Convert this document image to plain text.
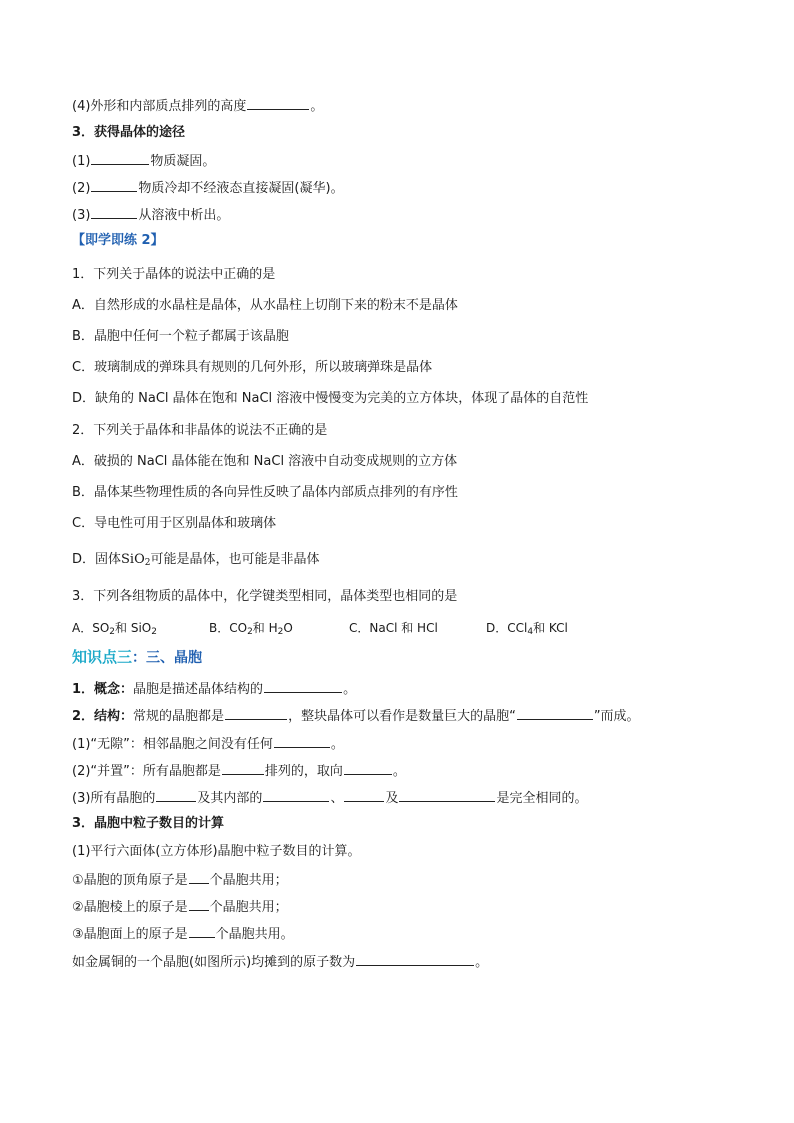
(4)外形和内部质点排列的高度	。
3．获得晶体的途径
(1)	物质凝固。
(2)	物质冷却不经液态直接凝固(凝华)。
(3)	从溶液中析出。
【即学即练 2】
1．下列关于晶体的说法中正确的是
A．自然形成的水晶柱是晶体，从水晶柱上切削下来的粉末不是晶体
B．晶胞中任何一个粒子都属于该晶胞
C．玻璃制成的弹珠具有规则的几何外形，所以玻璃弹珠是晶体
D．缺角的 NaCl 晶体在饱和 NaCl 溶液中慢慢变为完美的立方体块，体现了晶体的自范性
2．下列关于晶体和非晶体的说法不正确的是
A．破损的 NaCl 晶体能在饱和 NaCl 溶液中自动变成规则的立方体
B．晶体某些物理性质的各向异性反映了晶体内部质点排列的有序性
C．导电性可用于区别晶体和玻璃体
D．固体SiO$_2$可能是晶体，也可能是非晶体
3．下列各组物质的晶体中，化学键类型相同，晶体类型也相同的是
A．$SO_2$和 SiO$_2$	B．$CO_2$和 $H_2O$	C．NaCl 和 HCl	D．CCl$_4$和 KCl
知识点三：三、晶胞
1．概念：晶胞是描述晶体结构的	。
2．结构：常规的晶胞都是	，整块晶体可以看作是数量巨大的晶胞“	”而成。
(1)“无隙”：相邻晶胞之间没有任何	。
(2)“并置”：所有晶胞都是	排列的，取向	。
(3)所有晶胞的	及其内部的	、	及	是完全相同的。
3．晶胞中粒子数目的计算
(1)平行六面体(立方体形)晶胞中粒子数目的计算。
①晶胞的顶角原子是 个晶胞共用；
②晶胞棱上的原子是 个晶胞共用；
③晶胞面上的原子是 个晶胞共用。
如金属铜的一个晶胞(如图所示)均摊到的原子数为	。
